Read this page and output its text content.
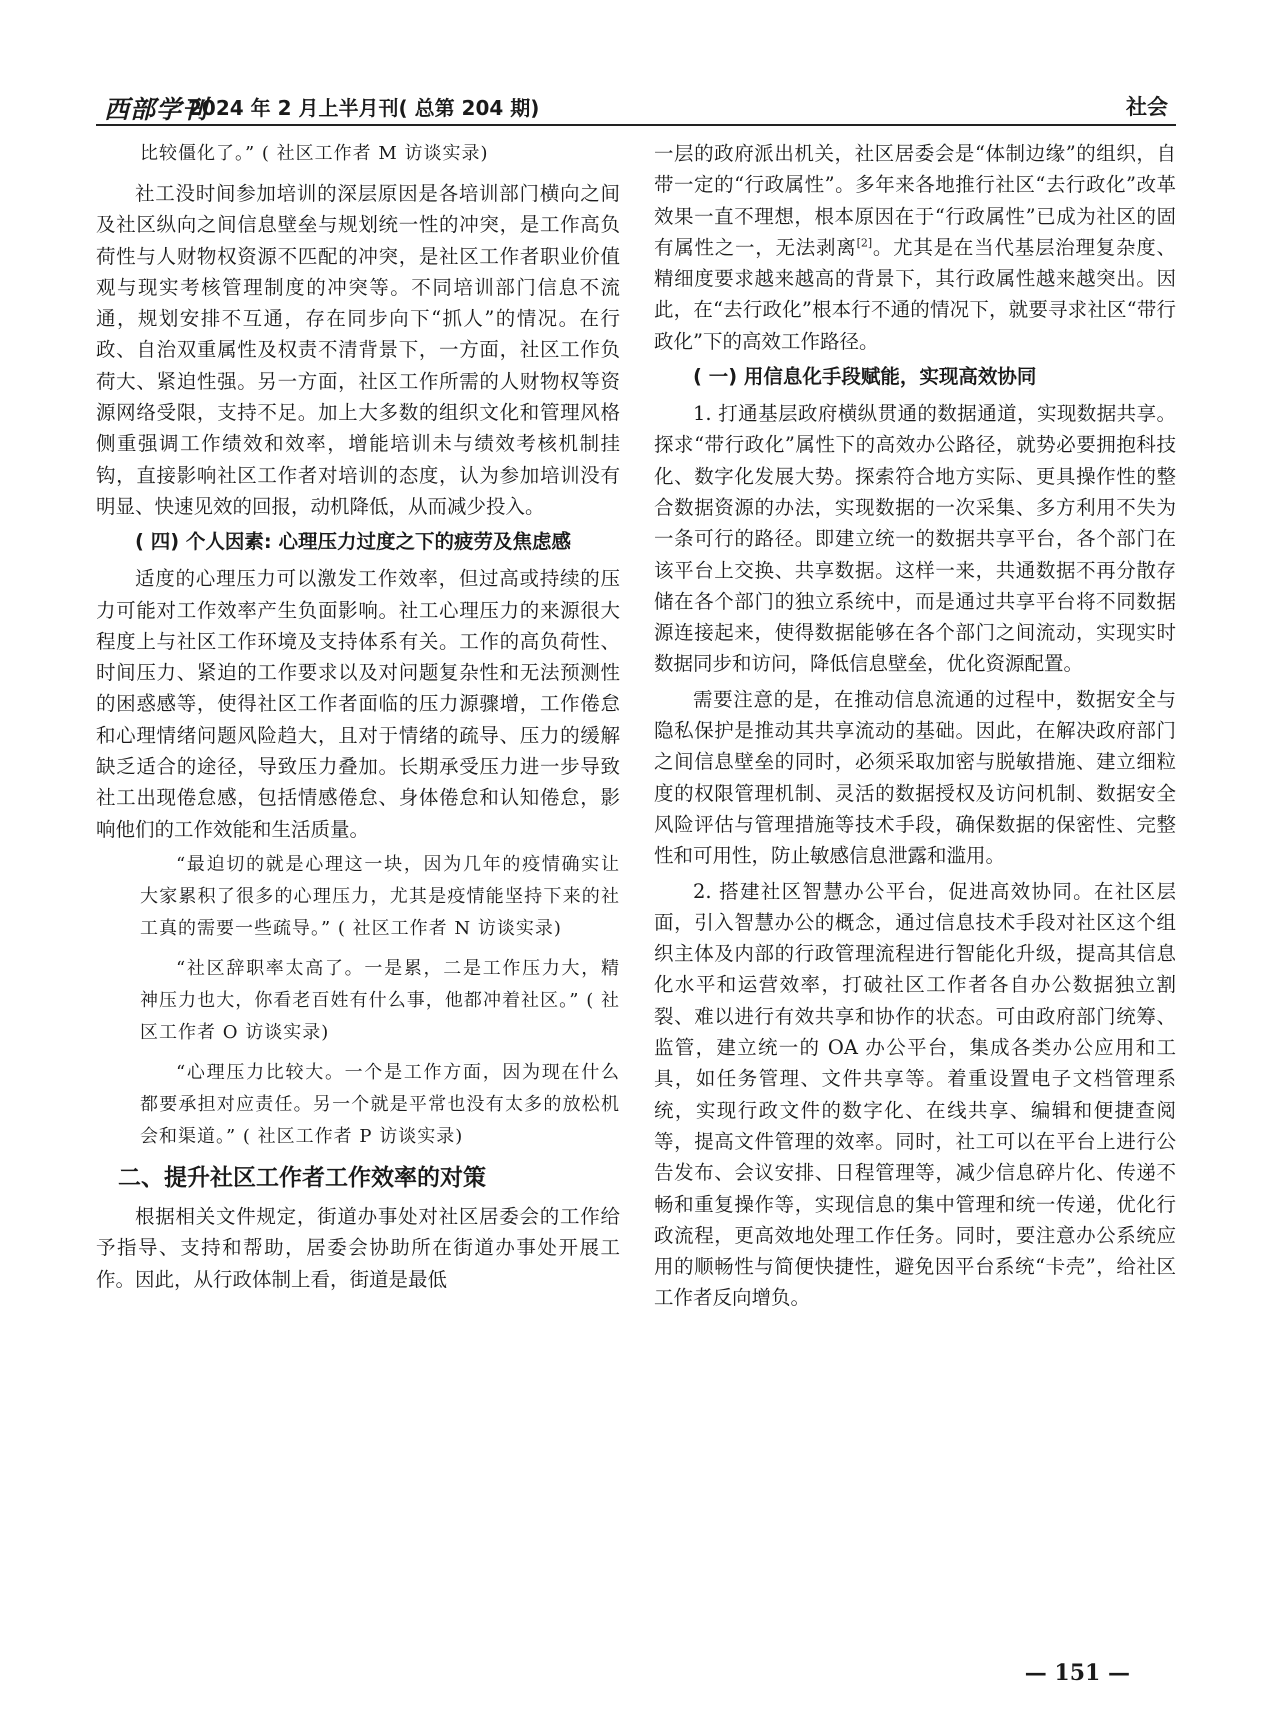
西部学刊
2024 年 2 月上半月刊( 总第 204 期)	社会

比较僵化了。” ( 社区工作者 M 访谈实录)

社工没时间参加培训的深层原因是各培训部门横向之间及社区纵向之间信息壁垒与规划统一性的冲突，是工作高负荷性与人财物权资源不匹配的冲突，是社区工作者职业价值观与现实考核管理制度的冲突等。不同培训部门信息不流通，规划安排不互通，存在同步向下“抓人”的情况。在行政、自治双重属性及权责不清背景下，一方面，社区工作负荷大、紧迫性强。另一方面，社区工作所需的人财物权等资源网络受限，支持不足。加上大多数的组织文化和管理风格侧重强调工作绩效和效率，增能培训未与绩效考核机制挂钩，直接影响社区工作者对培训的态度，认为参加培训没有明显、快速见效的回报，动机降低，从而减少投入。

( 四) 个人因素: 心理压力过度之下的疲劳及焦虑感

适度的心理压力可以激发工作效率，但过高或持续的压力可能对工作效率产生负面影响。社工心理压力的来源很大程度上与社区工作环境及支持体系有关。工作的高负荷性、时间压力、紧迫的工作要求以及对问题复杂性和无法预测性的困惑感等，使得社区工作者面临的压力源骤增，工作倦怠和心理情绪问题风险趋大，且对于情绪的疏导、压力的缓解缺乏适合的途径，导致压力叠加。长期承受压力进一步导致社工出现倦怠感，包括情感倦怠、身体倦怠和认知倦怠，影响他们的工作效能和生活质量。

“最迫切的就是心理这一块，因为几年的疫情确实让大家累积了很多的心理压力，尤其是疫情能坚持下来的社工真的需要一些疏导。” ( 社区工作者 N 访谈实录)

“社区辞职率太高了。一是累，二是工作压力大，精神压力也大，你看老百姓有什么事，他都冲着社区。” ( 社区工作者 O 访谈实录)

“心理压力比较大。一个是工作方面，因为现在什么都要承担对应责任。另一个就是平常也没有太多的放松机会和渠道。” ( 社区工作者 P 访谈实录)

二、提升社区工作者工作效率的对策

根据相关文件规定，街道办事处对社区居委会的工作给予指导、支持和帮助，居委会协助所在街道办事处开展工作。因此，从行政体制上看，街道是最低

一层的政府派出机关，社区居委会是“体制边缘”的组织，自带一定的“行政属性”。多年来各地推行社区“去行政化”改革效果一直不理想，根本原因在于“行政属性”已成为社区的固有属性之一，无法剥离[2]。尤其是在当代基层治理复杂度、精细度要求越来越高的背景下，其行政属性越来越突出。因此，在“去行政化”根本行不通的情况下，就要寻求社区“带行政化”下的高效工作路径。

( 一) 用信息化手段赋能，实现高效协同

1. 打通基层政府横纵贯通的数据通道，实现数据共享。探求“带行政化”属性下的高效办公路径，就势必要拥抱科技化、数字化发展大势。探索符合地方实际、更具操作性的整合数据资源的办法，实现数据的一次采集、多方利用不失为一条可行的路径。即建立统一的数据共享平台，各个部门在该平台上交换、共享数据。这样一来，共通数据不再分散存储在各个部门的独立系统中，而是通过共享平台将不同数据源连接起来，使得数据能够在各个部门之间流动，实现实时数据同步和访问，降低信息壁垒，优化资源配置。

需要注意的是，在推动信息流通的过程中，数据安全与隐私保护是推动其共享流动的基础。因此，在解决政府部门之间信息壁垒的同时，必须采取加密与脱敏措施、建立细粒度的权限管理机制、灵活的数据授权及访问机制、数据安全风险评估与管理措施等技术手段，确保数据的保密性、完整性和可用性，防止敏感信息泄露和滥用。

2. 搭建社区智慧办公平台，促进高效协同。在社区层面，引入智慧办公的概念，通过信息技术手段对社区这个组织主体及内部的行政管理流程进行智能化升级，提高其信息化水平和运营效率，打破社区工作者各自办公数据独立割裂、难以进行有效共享和协作的状态。可由政府部门统筹、监管，建立统一的 OA 办公平台，集成各类办公应用和工具，如任务管理、文件共享等。着重设置电子文档管理系统，实现行政文件的数字化、在线共享、编辑和便捷查阅等，提高文件管理的效率。同时，社工可以在平台上进行公告发布、会议安排、日程管理等，减少信息碎片化、传递不畅和重复操作等，实现信息的集中管理和统一传递，优化行政流程，更高效地处理工作任务。同时，要注意办公系统应用的顺畅性与简便快捷性，避免因平台系统“卡壳”，给社区工作者反向增负。

— 151 —
